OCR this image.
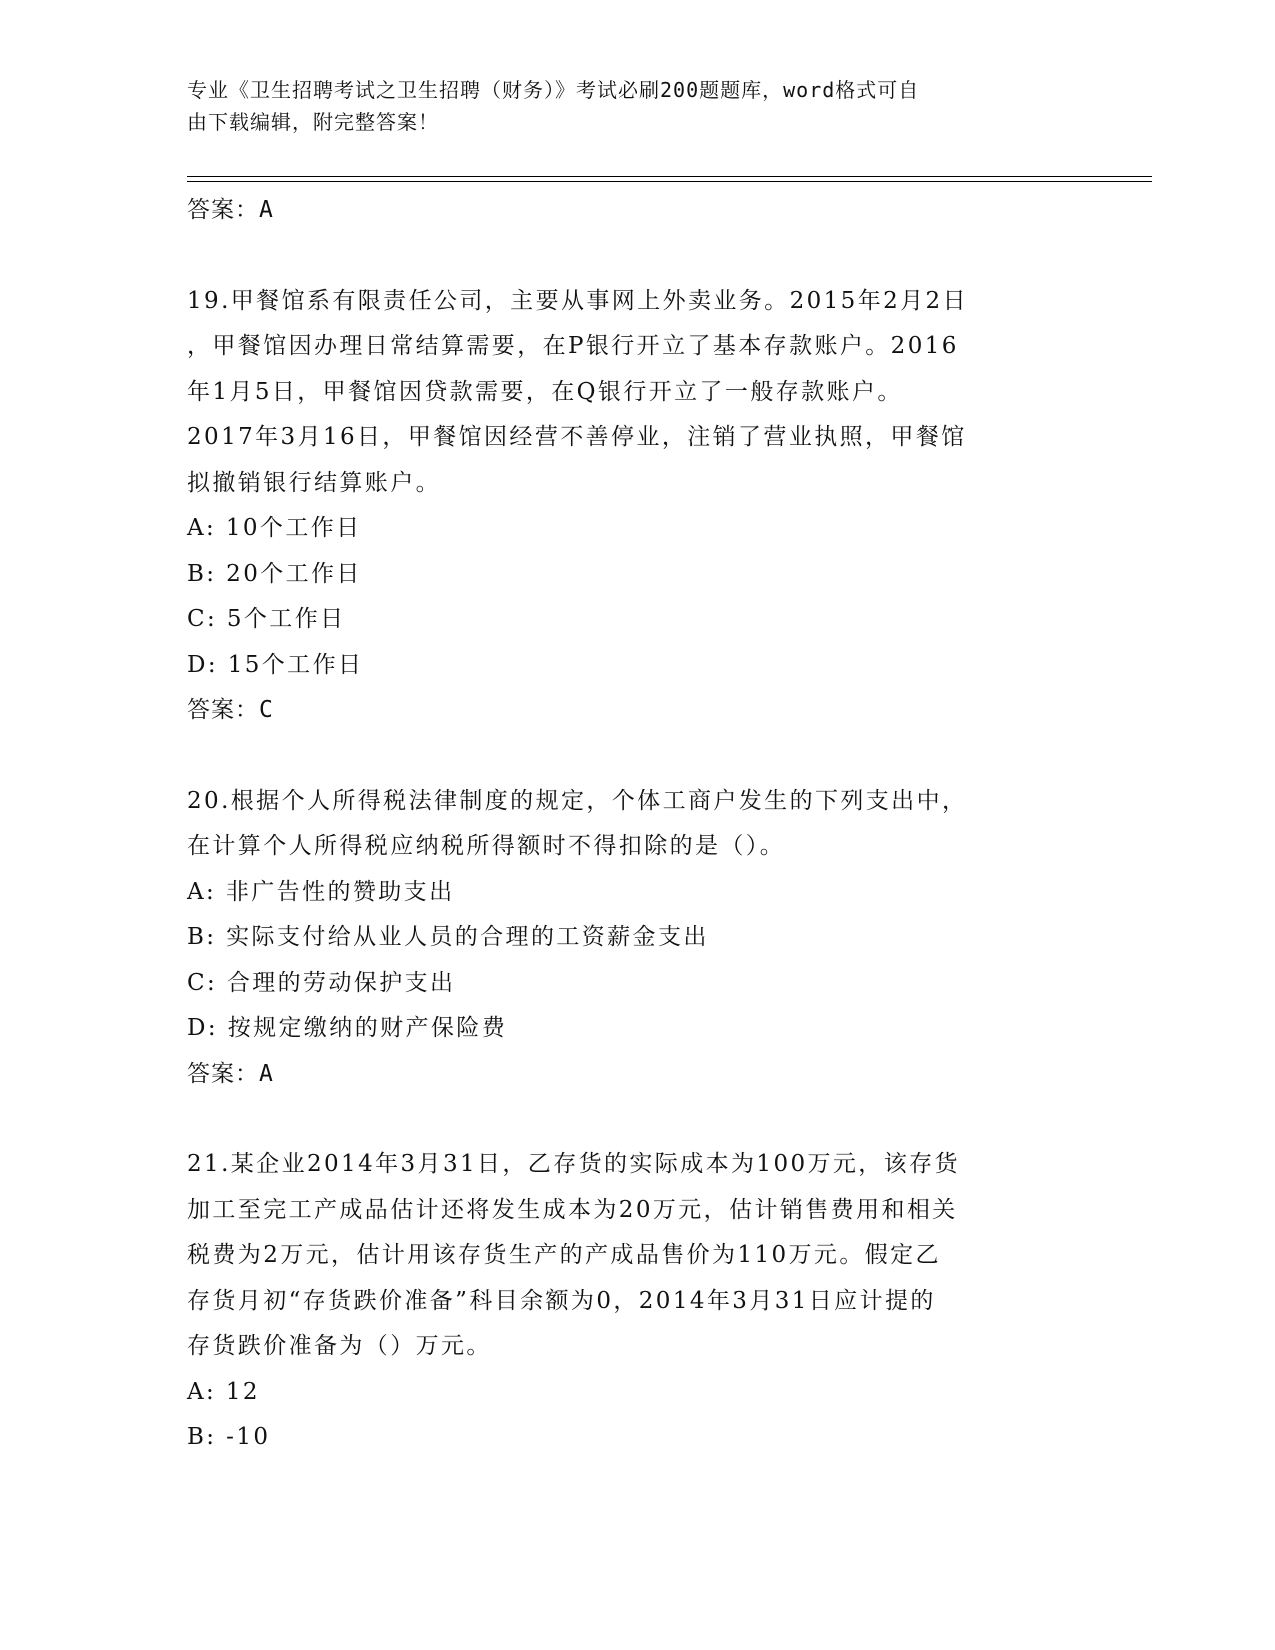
专业《卫生招聘考试之卫生招聘（财务）》考试必刷200题题库，word格式可自
由下载编辑，附完整答案！
答案：A
19.甲餐馆系有限责任公司，主要从事网上外卖业务。2015年2月2日
，甲餐馆因办理日常结算需要，在P银行开立了基本存款账户。2016
年1月5日，甲餐馆因贷款需要，在Q银行开立了一般存款账户。
2017年3月16日，甲餐馆因经营不善停业，注销了营业执照，甲餐馆
拟撤销银行结算账户。
A: 10个工作日
B: 20个工作日
C: 5个工作日
D: 15个工作日
答案：C
20.根据个人所得税法律制度的规定，个体工商户发生的下列支出中，
在计算个人所得税应纳税所得额时不得扣除的是（）。
A: 非广告性的赞助支出
B: 实际支付给从业人员的合理的工资薪金支出
C: 合理的劳动保护支出
D: 按规定缴纳的财产保险费
答案：A
21.某企业2014年3月31日，乙存货的实际成本为100万元，该存货
加工至完工产成品估计还将发生成本为20万元，估计销售费用和相关
税费为2万元，估计用该存货生产的产成品售价为110万元。假定乙
存货月初“存货跌价准备”科目余额为0，2014年3月31日应计提的
存货跌价准备为（）万元。
A: 12
B: -10
